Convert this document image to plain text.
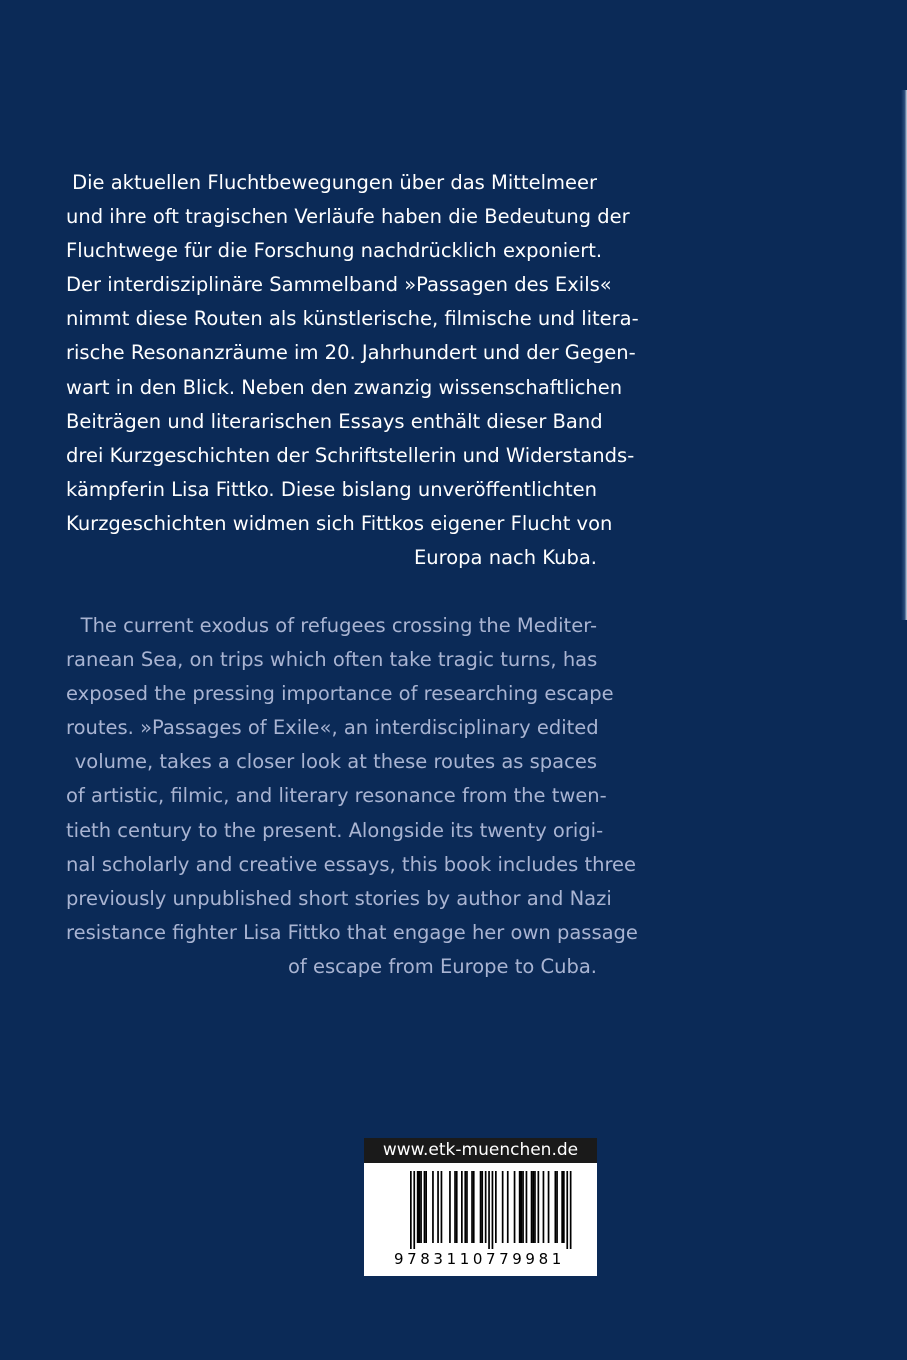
Die aktuellen Fluchtbewegungen über das Mittelmeer
und ihre oft tragischen Verläufe haben die Bedeutung der
Fluchtwege für die Forschung nachdrücklich exponiert.
Der interdisziplinäre Sammelband »Passagen des Exils«
nimmt diese Routen als künstlerische, filmische und litera-
rische Resonanzräume im 20. Jahrhundert und der Gegen-
wart in den Blick. Neben den zwanzig wissenschaftlichen
Beiträgen und literarischen Essays enthält dieser Band
drei Kurzgeschichten der Schriftstellerin und Widerstands-
kämpferin Lisa Fittko. Diese bislang unveröffentlichten
Kurzgeschichten widmen sich Fittkos eigener Flucht von
Europa nach Kuba.

The current exodus of refugees crossing the Mediter-
ranean Sea, on trips which often take tragic turns, has
exposed the pressing importance of researching escape
routes. »Passages of Exile«, an interdisciplinary edited
volume, takes a closer look at these routes as spaces
of artistic, filmic, and literary resonance from the twen-
tieth century to the present. Alongside its twenty origi-
nal scholarly and creative essays, this book includes three
previously unpublished short stories by author and Nazi
resistance fighter Lisa Fittko that engage her own passage
of escape from Europe to Cuba.

www.etk-muenchen.de
9783110779981
